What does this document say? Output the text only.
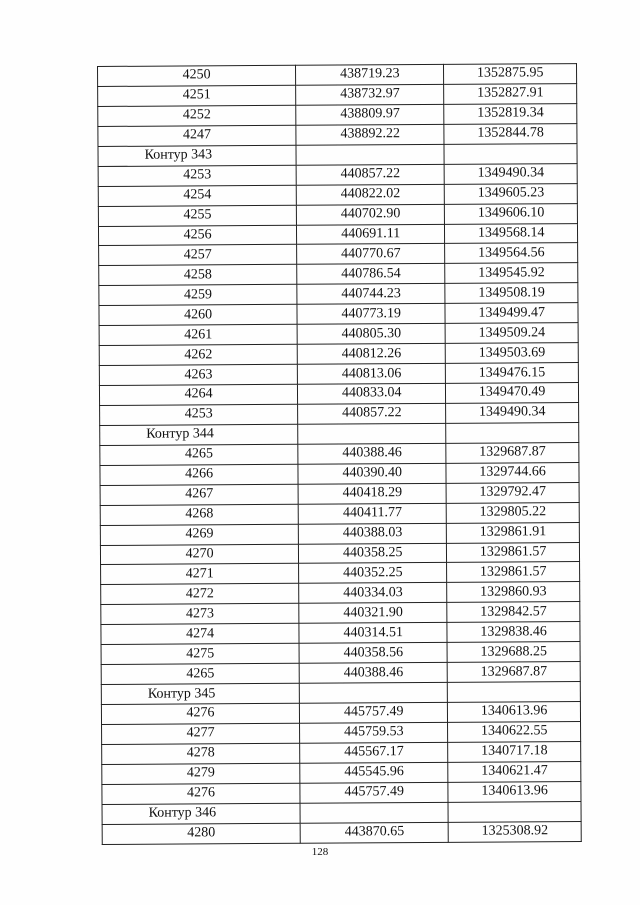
4250	438719.23	1352875.95
4251	438732.97	1352827.91
4252	438809.97	1352819.34
4247	438892.22	1352844.78
Контур 343		
4253	440857.22	1349490.34
4254	440822.02	1349605.23
4255	440702.90	1349606.10
4256	440691.11	1349568.14
4257	440770.67	1349564.56
4258	440786.54	1349545.92
4259	440744.23	1349508.19
4260	440773.19	1349499.47
4261	440805.30	1349509.24
4262	440812.26	1349503.69
4263	440813.06	1349476.15
4264	440833.04	1349470.49
4253	440857.22	1349490.34
Контур 344		
4265	440388.46	1329687.87
4266	440390.40	1329744.66
4267	440418.29	1329792.47
4268	440411.77	1329805.22
4269	440388.03	1329861.91
4270	440358.25	1329861.57
4271	440352.25	1329861.57
4272	440334.03	1329860.93
4273	440321.90	1329842.57
4274	440314.51	1329838.46
4275	440358.56	1329688.25
4265	440388.46	1329687.87
Контур 345		
4276	445757.49	1340613.96
4277	445759.53	1340622.55
4278	445567.17	1340717.18
4279	445545.96	1340621.47
4276	445757.49	1340613.96
Контур 346		
4280	443870.65	1325308.92
128
